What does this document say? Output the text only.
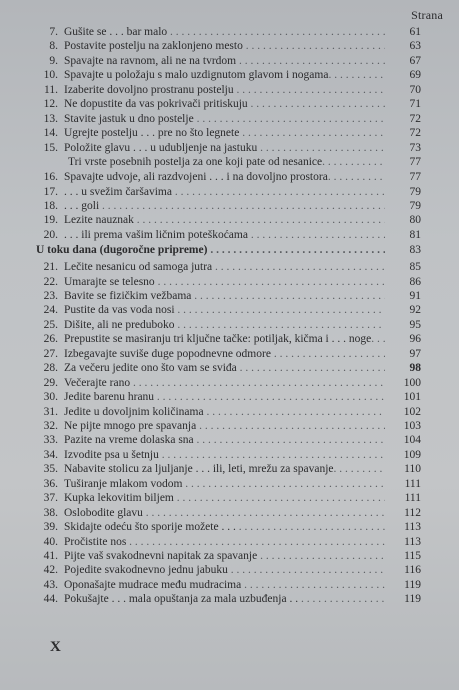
Strana
7. Gušite se . . . bar malo . . .	61
8. Postavite postelju na zaklonjeno mesto . . .	63
9. Spavajte na ravnom, ali ne na tvrdom . . .	67
10. Spavajte u položaju s malo uzdignutom glavom i nogama . . .	69
11. Izaberite dovoljno prostranu postelju . . .	70
12. Ne dopustite da vas pokrivači pritiskuju . . .	71
13. Stavite jastuk u dno postelje . . .	72
14. Ugrejte postelju . . . pre no što legnete . . .	72
15. Položite glavu . . . u udubljenje na jastuku . . .	73
Tri vrste posebnih postelja za one koji pate od nesanice . . .	77
16. Spavajte udvoje, ali razdvojeni . . . i na dovoljno prostora . . .	77
17. . . . u svežim čaršavima . . .	79
18. . . . goli . . .	79
19. Lezite nauznak . . .	80
20. . . . ili prema vašim ličnim poteškoćama . . .	81
U toku dana (dugoročne pripreme) . . .	83
21. Lečite nesanicu od samoga jutra . . .	85
22. Umarajte se telesno . . .	86
23. Bavite se fizičkim vežbama . . .	91
24. Pustite da vas voda nosi . . .	92
25. Dišite, ali ne preduboko . . .	95
26. Prepustite se masiranju tri ključne tačke: potiljak, kičma i . . . noge . . .	96
27. Izbegavajte suviše duge popodnevne odmore . . .	97
28. Za večeru jedite ono što vam se sviđa . . .	98
29. Večerajte rano . . .	100
30. Jedite barenu hranu . . .	101
31. Jedite u dovoljnim količinama . . .	102
32. Ne pijte mnogo pre spavanja . . .	103
33. Pazite na vreme dolaska sna . . .	104
34. Izvodite psa u šetnju . . .	109
35. Nabavite stolicu za ljuljanje . . . ili, leti, mrežu za spavanje . . .	110
36. Tuširanje mlakom vodom . . .	111
37. Kupka lekovitim biljem . . .	111
38. Oslobodite glavu . . .	112
39. Skidajte odeću što sporije možete . . . . . .	113
40. Pročistite nos . . .	113
41. Pijte vaš svakodnevni napitak za spavanje . . .	115
42. Pojedite svakodnevno jednu jabuku . . .	116
43. Oponašajte mudrace među mudracima . . .	119
44. Pokušajte . . . mala opuštanja za mala uzbuđenja . . . . .	119
X
